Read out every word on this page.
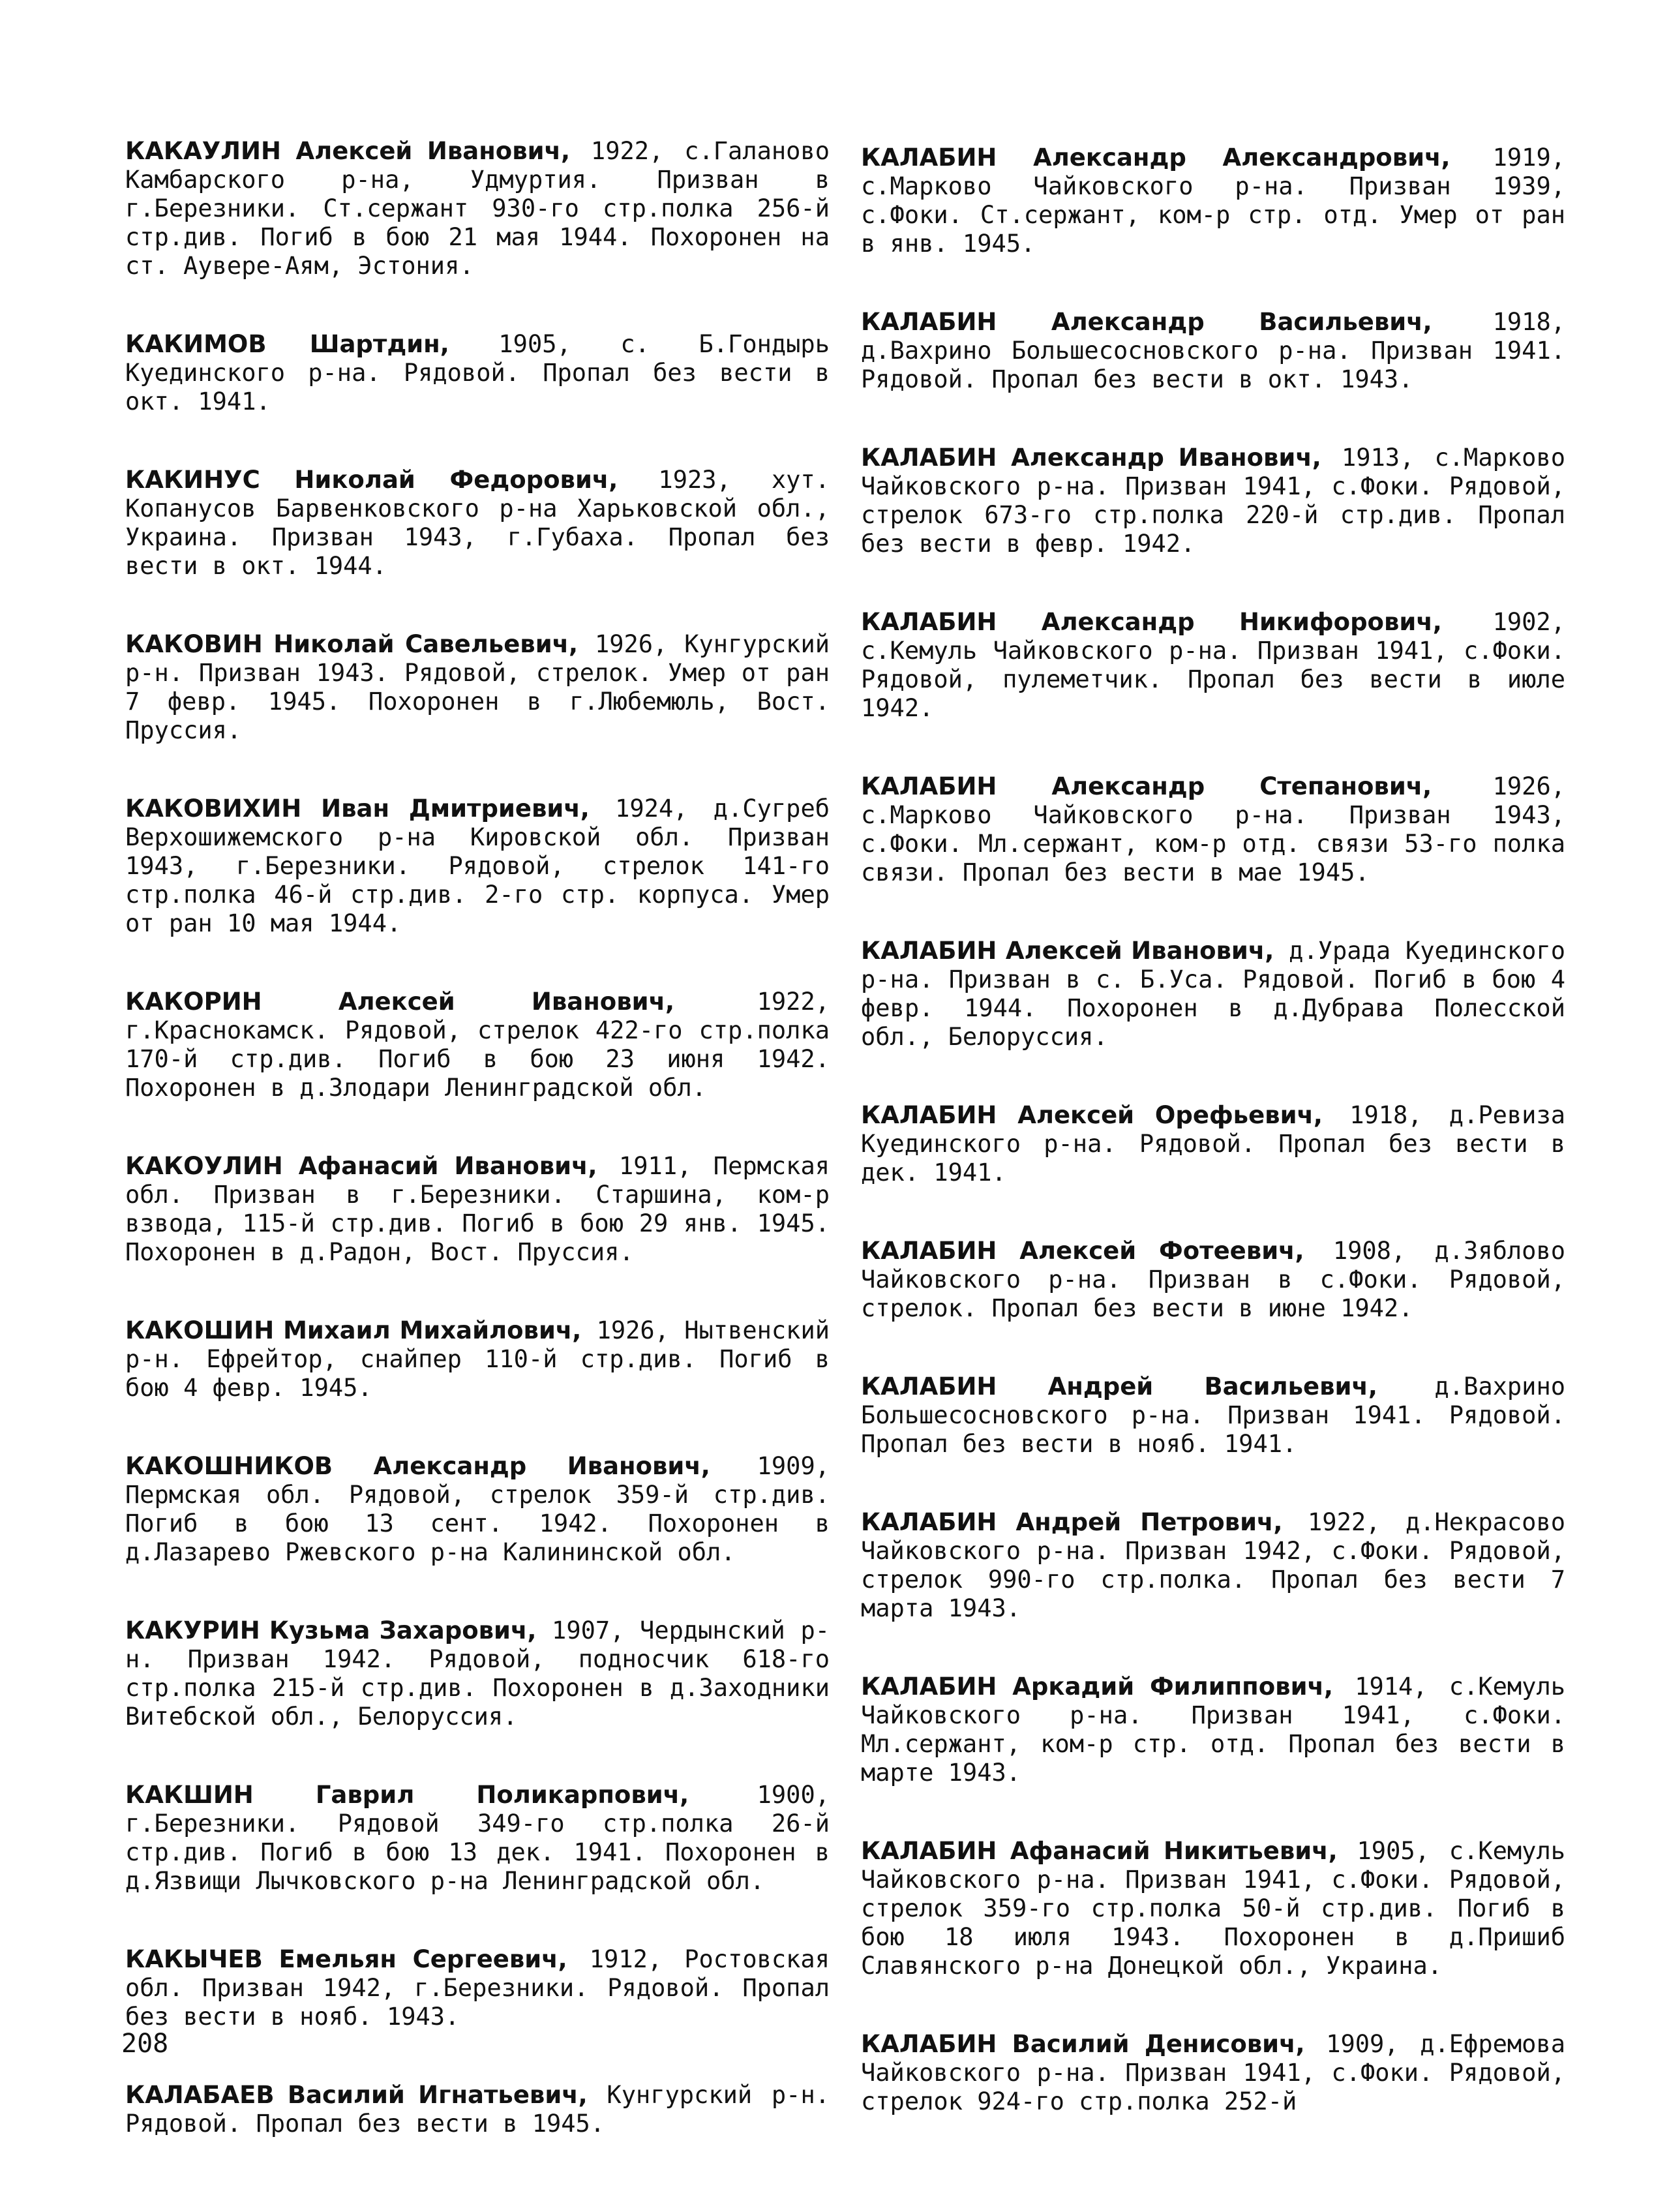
КАКАУЛИН Алексей Иванович, 1922, с.Галаново Камбарского р-на, Удмуртия. Призван в г.Березники. Ст.сержант 930-го стр.полка 256-й стр.див. Погиб в бою 21 мая 1944. Похоронен на ст. Аувере-Аям, Эстония.

КАКИМОВ Шартдин, 1905, с. Б.Гондырь Куединского р-на. Рядовой. Пропал без вести в окт. 1941.

КАКИНУС Николай Федорович, 1923, хут. Копанусов Барвенковского р-на Харьковской обл., Украина. Призван 1943, г.Губаха. Пропал без вести в окт. 1944.

КАКОВИН Николай Савельевич, 1926, Кунгурский р-н. Призван 1943. Рядовой, стрелок. Умер от ран 7 февр. 1945. Похоронен в г.Любемюль, Вост. Пруссия.

КАКОВИХИН Иван Дмитриевич, 1924, д.Сугреб Верхошижемского р-на Кировской обл. Призван 1943, г.Березники. Рядовой, стрелок 141-го стр.полка 46-й стр.див. 2-го стр. корпуса. Умер от ран 10 мая 1944.

КАКОРИН Алексей Иванович, 1922, г.Краснокамск. Рядовой, стрелок 422-го стр.полка 170-й стр.див. Погиб в бою 23 июня 1942. Похоронен в д.Злодари Ленинградской обл.

КАКОУЛИН Афанасий Иванович, 1911, Пермская обл. Призван в г.Березники. Старшина, ком-р взвода, 115-й стр.див. Погиб в бою 29 янв. 1945. Похоронен в д.Радон, Вост. Пруссия.

КАКОШИН Михаил Михайлович, 1926, Нытвенский р-н. Ефрейтор, снайпер 110-й стр.див. Погиб в бою 4 февр. 1945.

КАКОШНИКОВ Александр Иванович, 1909, Пермская обл. Рядовой, стрелок 359-й стр.див. Погиб в бою 13 сент. 1942. Похоронен в д.Лазарево Ржевского р-на Калининской обл.

КАКУРИН Кузьма Захарович, 1907, Чердынский р-н. Призван 1942. Рядовой, подносчик 618-го стр.полка 215-й стр.див. Похоронен в д.Заходники Витебской обл., Белоруссия.

КАКШИН Гаврил Поликарпович, 1900, г.Березники. Рядовой 349-го стр.полка 26-й стр.див. Погиб в бою 13 дек. 1941. Похоронен в д.Язвищи Лычковского р-на Ленинградской обл.

КАКЫЧЕВ Емельян Сергеевич, 1912, Ростовская обл. Призван 1942, г.Березники. Рядовой. Пропал без вести в нояб. 1943.

КАЛАБАЕВ Василий Игнатьевич, Кунгурский р-н. Рядовой. Пропал без вести в 1945.

КАЛАБИН Александр Александрович, 1919, с.Марково Чайковского р-на. Призван 1939, с.Фоки. Ст.сержант, ком-р стр. отд. Умер от ран в янв. 1945.

КАЛАБИН Александр Васильевич, 1918, д.Вахрино Большесосновского р-на. Призван 1941. Рядовой. Пропал без вести в окт. 1943.

КАЛАБИН Александр Иванович, 1913, с.Марково Чайковского р-на. Призван 1941, с.Фоки. Рядовой, стрелок 673-го стр.полка 220-й стр.див. Пропал без вести в февр. 1942.

КАЛАБИН Александр Никифорович, 1902, с.Кемуль Чайковского р-на. Призван 1941, с.Фоки. Рядовой, пулеметчик. Пропал без вести в июле 1942.

КАЛАБИН Александр Степанович, 1926, с.Марково Чайковского р-на. Призван 1943, с.Фоки. Мл.сержант, ком-р отд. связи 53-го полка связи. Пропал без вести в мае 1945.

КАЛАБИН Алексей Иванович, д.Урада Куединского р-на. Призван в с. Б.Уса. Рядовой. Погиб в бою 4 февр. 1944. Похоронен в д.Дубрава Полесской обл., Белоруссия.

КАЛАБИН Алексей Орефьевич, 1918, д.Ревиза Куединского р-на. Рядовой. Пропал без вести в дек. 1941.

КАЛАБИН Алексей Фотеевич, 1908, д.Зяблово Чайковского р-на. Призван в с.Фоки. Рядовой, стрелок. Пропал без вести в июне 1942.

КАЛАБИН Андрей Васильевич, д.Вахрино Большесосновского р-на. Призван 1941. Рядовой. Пропал без вести в нояб. 1941.

КАЛАБИН Андрей Петрович, 1922, д.Некрасово Чайковского р-на. Призван 1942, с.Фоки. Рядовой, стрелок 990-го стр.полка. Пропал без вести 7 марта 1943.

КАЛАБИН Аркадий Филиппович, 1914, с.Кемуль Чайковского р-на. Призван 1941, с.Фоки. Мл.сержант, ком-р стр. отд. Пропал без вести в марте 1943.

КАЛАБИН Афанасий Никитьевич, 1905, с.Кемуль Чайковского р-на. Призван 1941, с.Фоки. Рядовой, стрелок 359-го стр.полка 50-й стр.див. Погиб в бою 18 июля 1943. Похоронен в д.Пришиб Славянского р-на Донецкой обл., Украина.

КАЛАБИН Василий Денисович, 1909, д.Ефремова Чайковского р-на. Призван 1941, с.Фоки. Рядовой, стрелок 924-го стр.полка 252-й

208
